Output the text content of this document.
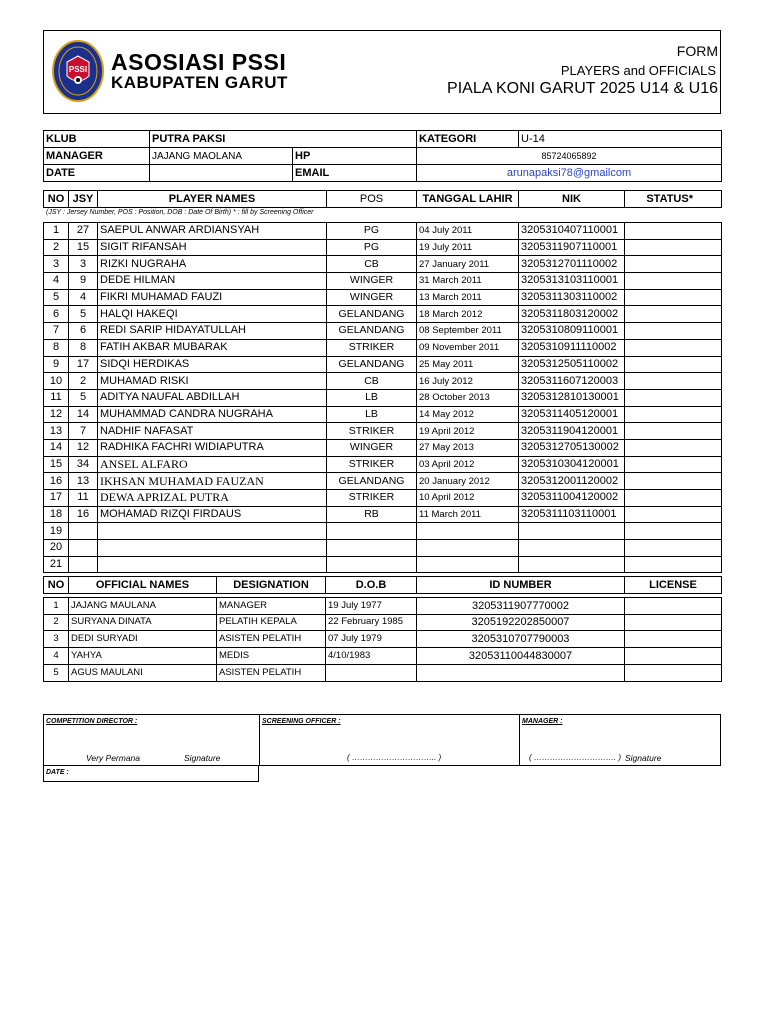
PSSI ASOSIASI PSSI
KABUPATEN GARUT
FORM
PLAYERS and OFFICIALS
PIALA KONI GARUT 2025 U14 & U16
KLUB	PUTRA PAKSI		KATEGORI	U-14
MANAGER	JAJANG MAOLANA	HP	85724065892	
DATE		EMAIL	arunapaksi78@gmailcom	
NO	JSY	PLAYER NAMES	POS	TANGGAL LAHIR	NIK	STATUS*
(JSY : Jersey Number, POS : Position, DOB : Date Of Birth) * : fill by Screening Officer
1	27	SAEPUL ANWAR ARDIANSYAH	PG	04 July 2011	3205310407110001	
2	15	SIGIT RIFANSAH	PG	19 July 2011	3205311907110001	
3	3	RIZKI NUGRAHA	CB	27 January 2011	3205312701110002	
4	9	DEDE HILMAN	WINGER	31 March 2011	3205313103110001	
5	4	FIKRI MUHAMAD FAUZI	WINGER	13 March 2011	3205311303110002	
6	5	HALQI HAKEQI	GELANDANG	18 March 2012	3205311803120002	
7	6	REDI SARIP HIDAYATULLAH	GELANDANG	08 September 2011	3205310809110001	
8	8	FATIH AKBAR MUBARAK	STRIKER	09 November 2011	3205310911110002	
9	17	SIDQI HERDIKAS	GELANDANG	25 May 2011	3205312505110002	
10	2	MUHAMAD RISKI	CB	16 July 2012	3205311607120003	
11	5	ADITYA NAUFAL ABDILLAH	LB	28 October 2013	3205312810130001	
12	14	MUHAMMAD CANDRA NUGRAHA	LB	14 May 2012	3205311405120001	
13	7	NADHIF NAFASAT	STRIKER	19 April 2012	3205311904120001	
14	12	RADHIKA FACHRI WIDIAPUTRA	WINGER	27 May 2013	3205312705130002	
15	34	ANSEL ALFARO	STRIKER	03 April 2012	3205310304120001	
16	13	IKHSAN MUHAMAD FAUZAN	GELANDANG	20 January 2012	3205312001120002	
17	11	DEWA APRIZAL PUTRA	STRIKER	10 April 2012	3205311004120002	
18	16	MOHAMAD RIZQI FIRDAUS	RB	11 March 2011	3205311103110001	
19						
20						
21						
NO	OFFICIAL NAMES	DESIGNATION	D.O.B	ID NUMBER	LICENSE

1	JAJANG MAULANA	MANAGER	19 July 1977	3205311907770002	
2	SURYANA DINATA	PELATIH KEPALA	22 February 1985	3205192202850007	
3	DEDI SURYADI	ASISTEN PELATIH	07 July 1979	3205310707790003	
4	YAHYA	MEDIS	4/10/1983	32053110044830007	
5	AGUS MAULANI	ASISTEN PELATIH			
COMPETITION DIRECTOR :	SCREENING OFFICER :	MANAGER :
Very Permana	Signature	( ………………………….. )	( …………………………. ) Signature
DATE :
